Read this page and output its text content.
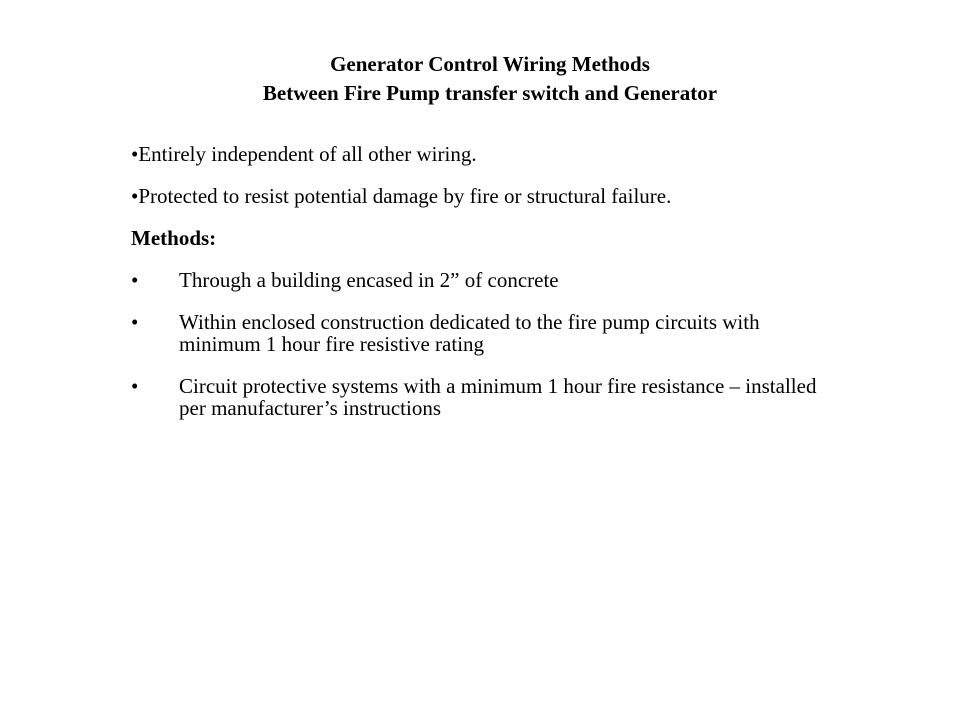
Generator Control Wiring Methods
Between Fire Pump transfer switch and Generator
•Entirely independent of all other wiring.
•Protected to resist potential damage by fire or structural failure.
Methods:
• Through a building encased in 2” of concrete
• Within enclosed construction dedicated to the fire pump circuits with minimum 1 hour fire resistive rating
• Circuit protective systems with a minimum 1 hour fire resistance – installed per manufacturer’s instructions
